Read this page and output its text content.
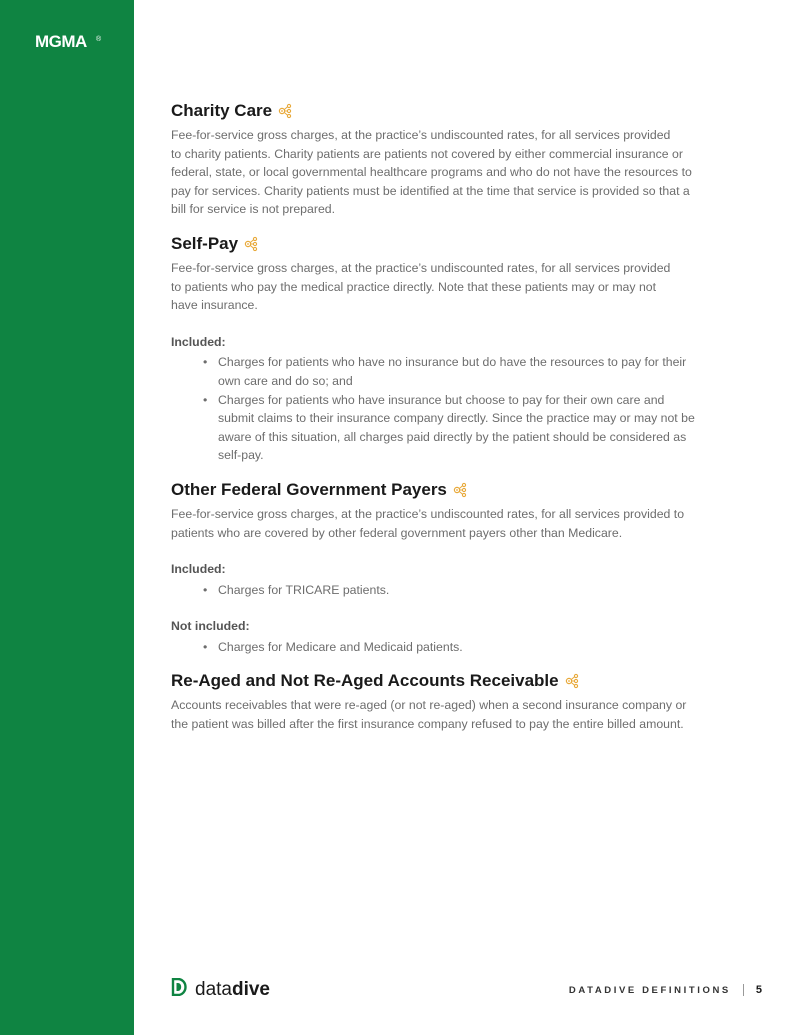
MGMA ®
Charity Care

Fee-for-service gross charges, at the practice’s undiscounted rates, for all services provided
to charity patients. Charity patients are patients not covered by either commercial insurance or
federal, state, or local governmental healthcare programs and who do not have the resources to
pay for services. Charity patients must be identified at the time that service is provided so that a
bill for service is not prepared.

Self-Pay

Fee-for-service gross charges, at the practice’s undiscounted rates, for all services provided
to patients who pay the medical practice directly. Note that these patients may or may not
have insurance.

Included:
• Charges for patients who have no insurance but do have the resources to pay for their
own care and do so; and
• Charges for patients who have insurance but choose to pay for their own care and
submit claims to their insurance company directly. Since the practice may or may not be
aware of this situation, all charges paid directly by the patient should be considered as
self-pay.
Other Federal Government Payers

Fee-for-service gross charges, at the practice’s undiscounted rates, for all services provided to
patients who are covered by other federal government payers other than Medicare.

Included:
• Charges for TRICARE patients.
Not included:
• Charges for Medicare and Medicaid patients.
Re-Aged and Not Re-Aged Accounts Receivable

Accounts receivables that were re-aged (or not re-aged) when a second insurance company or
the patient was billed after the first insurance company refused to pay the entire billed amount.

datadive	DATADIVE DEFINITIONS 5
